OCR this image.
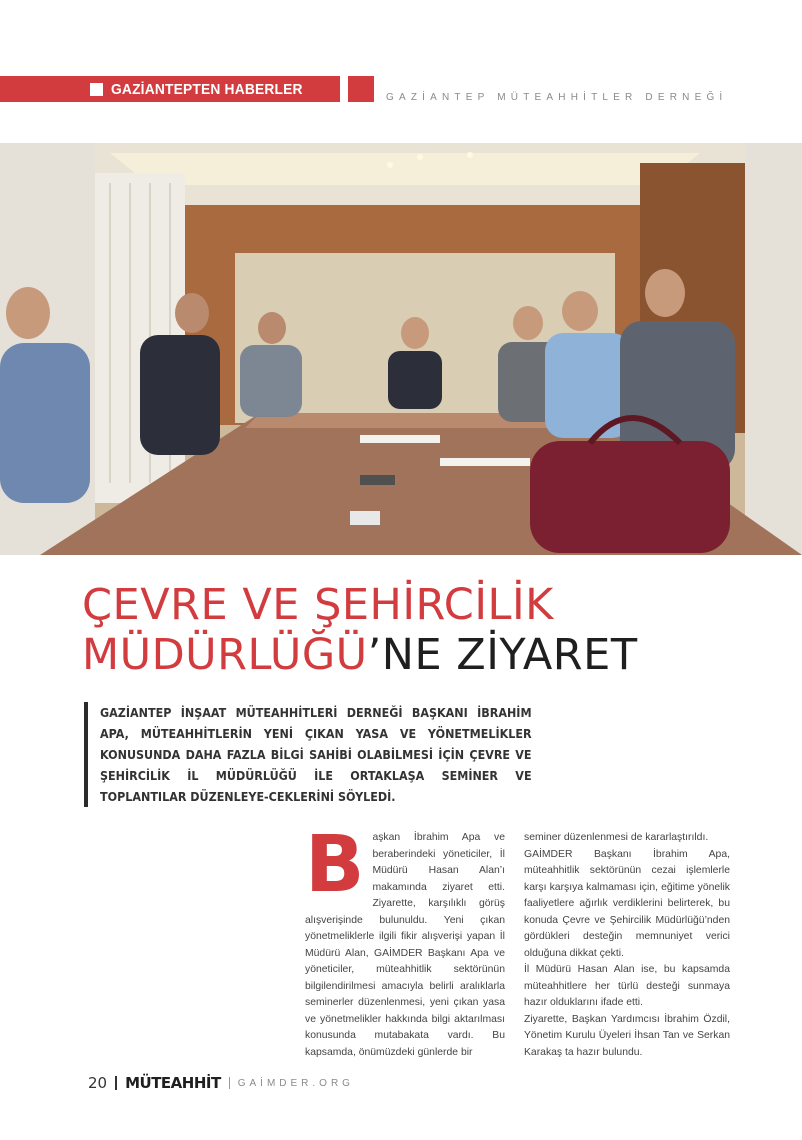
GAZİANTEPTEN HABERLER	GAZİANTEP MÜTEAHHİTLER DERNEĞİ
ÇEVRE VE ŞEHİRCİLİK
MÜDÜRLÜĞÜ’NE ZİYARET

GAZİANTEP İNŞAAT MÜTEAHHİTLERİ DERNEĞİ BAŞKANI İBRAHİM APA, MÜTEAHHİTLERİN YENİ ÇIKAN YASA VE YÖNETMELİKLER KONUSUNDA DAHA FAZLA BİLGİ SAHİBİ OLABİLMESİ İÇİN ÇEVRE VE ŞEHİRCİLİK İL MÜDÜRLÜĞÜ İLE ORTAKLAŞA SEMİNER VE TOPLANTILAR DÜZENLEYE-CEKLERİNİ SÖYLEDİ.

B aşkan İbrahim Apa ve beraberindeki yöneticiler, İl Müdürü Hasan Alan’ı makamında ziyaret etti. Ziyarette, karşılıklı görüş alışverişinde bulunuldu. Yeni çıkan yönetmeliklerle ilgili fikir alışverişi yapan İl Müdürü Alan, GAİMDER Başkanı Apa ve yöneticiler, müteahhitlik sektörünün bilgilendirilmesi amacıyla belirli aralıklarla seminerler düzenlenmesi, yeni çıkan yasa ve yönetmelikler hakkında bilgi aktarılması konusunda mutabakata vardı. Bu kapsamda, önümüzdeki günlerde bir

seminer düzenlenmesi de kararlaştırıldı.

GAİMDER Başkanı İbrahim Apa, müteahhitlik sektörünün cezai işlemlerle karşı karşıya kalmaması için, eğitime yönelik faaliyetlere ağırlık verdiklerini belirterek, bu konuda Çevre ve Şehircilik Müdürlüğü’nden gördükleri desteğin memnuniyet verici olduğuna dikkat çekti.

İl Müdürü Hasan Alan ise, bu kapsamda müteahhitlere her türlü desteği sunmaya hazır olduklarını ifade etti.

Ziyarette, Başkan Yardımcısı İbrahim Özdil, Yönetim Kurulu Üyeleri İhsan Tan ve Serkan Karakaş ta hazır bulundu.

20 MÜTEAHHİT GAİMDER.ORG
